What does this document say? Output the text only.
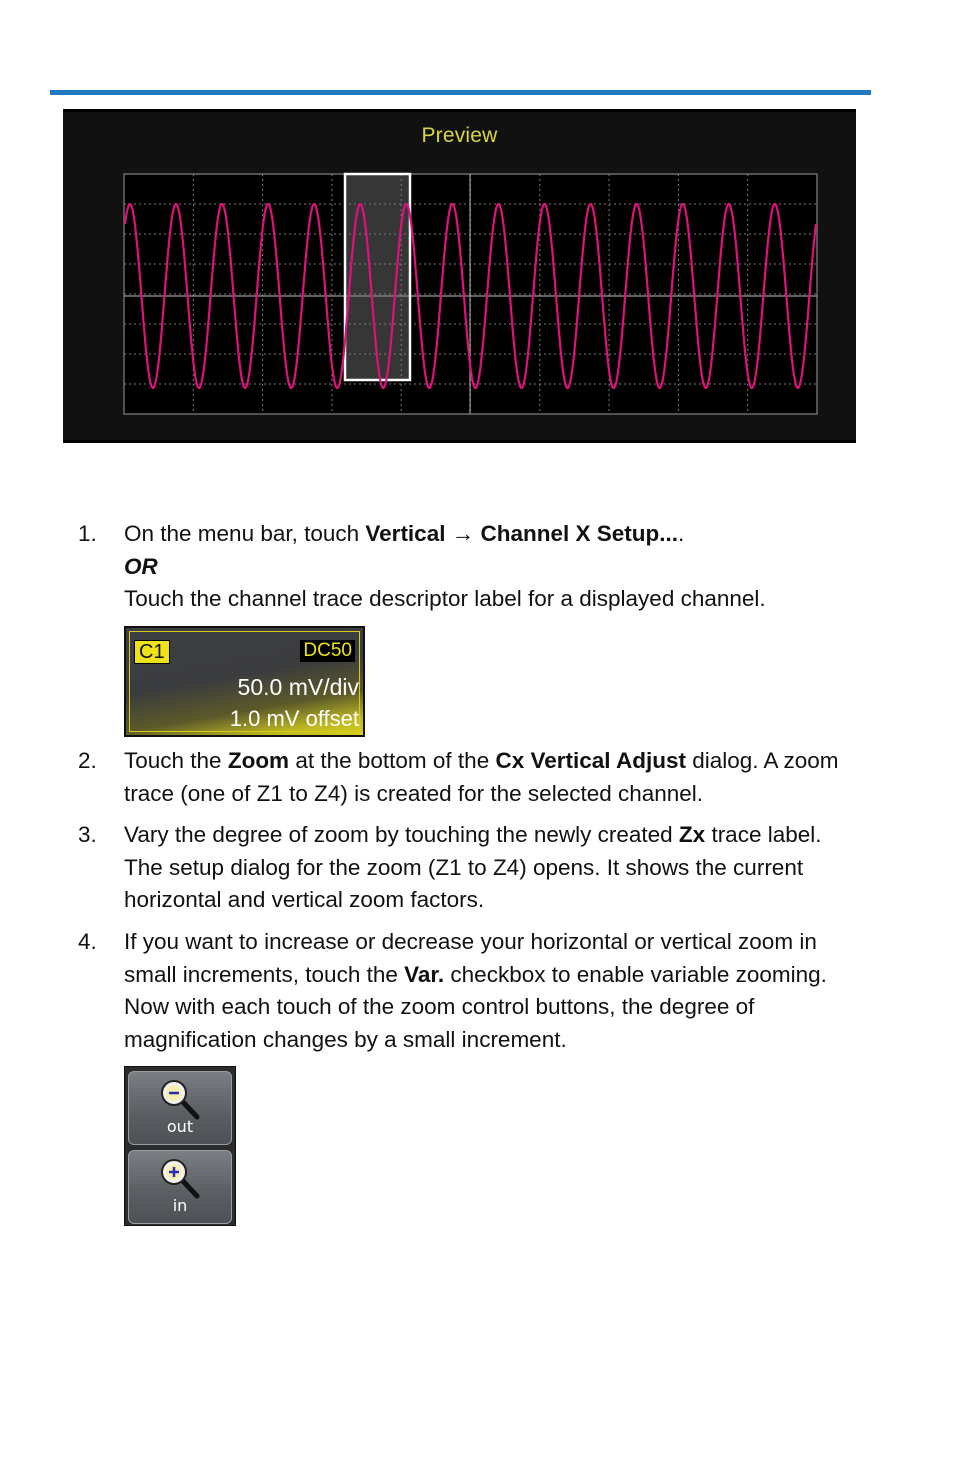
Preview
1.	On the menu bar, touch Vertical → Channel X Setup....

OR

Touch the channel trace descriptor label for a displayed channel.

2.	Touch the Zoom at the bottom of the Cx Vertical Adjust dialog. A zoom trace (one of Z1 to Z4) is created for the selected channel.

3.	Vary the degree of zoom by touching the newly created Zx trace label. The setup dialog for the zoom (Z1 to Z4) opens. It shows the current horizontal and vertical zoom factors.

4.	If you want to increase or decrease your horizontal or vertical zoom in small increments, touch the Var. checkbox to enable variable zooming. Now with each touch of the zoom control buttons, the degree of magnification changes by a small increment.

C1	DC50
50.0 mV/div
1.0 mV offset
out
in
